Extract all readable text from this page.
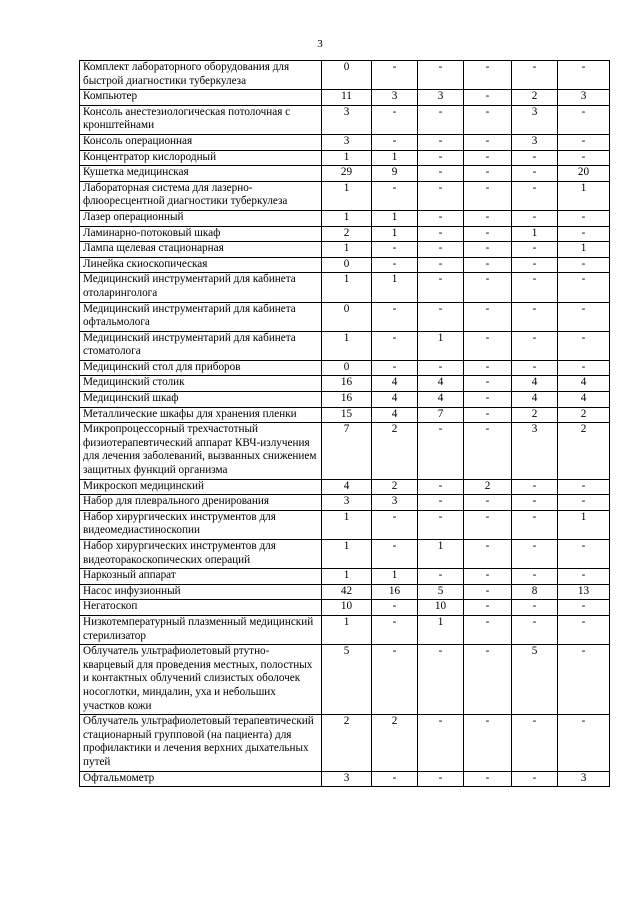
3
Комплект лабораторного оборудования для быстрой диагностики туберкулеза	0	-	-	-	-	-
Компьютер	11	3	3	-	2	3
Консоль анестезиологическая потолочная с кронштейнами	3	-	-	-	3	-
Консоль операционная	3	-	-	-	3	-
Концентратор кислородный	1	1	-	-	-	-
Кушетка медицинская	29	9	-	-	-	20
Лабораторная система для лазерно-флюоресцентной диагностики туберкулеза	1	-	-	-	-	1
Лазер операционный	1	1	-	-	-	-
Ламинарно-потоковый шкаф	2	1	-	-	1	-
Лампа щелевая стационарная	1	-	-	-	-	1
Линейка скиоскопическая	0	-	-	-	-	-
Медицинский инструментарий для кабинета отоларинголога	1	1	-	-	-	-
Медицинский инструментарий для кабинета офтальмолога	0	-	-	-	-	-
Медицинский инструментарий для кабинета стоматолога	1	-	1	-	-	-
Медицинский стол для приборов	0	-	-	-	-	-
Медицинский столик	16	4	4	-	4	4
Медицинский шкаф	16	4	4	-	4	4
Металлические шкафы для хранения пленки	15	4	7	-	2	2
Микропроцессорный трехчастотный физиотерапевтический аппарат КВЧ-излучения для лечения заболеваний, вызванных снижением защитных функций организма	7	2	-	-	3	2
Микроскоп медицинский	4	2	-	2	-	-
Набор для плеврального дренирования	3	3	-	-	-	-
Набор хирургических инструментов для видеомедиастиноскопии	1	-	-	-	-	1
Набор хирургических инструментов для видеоторакоскопических операций	1	-	1	-	-	-
Наркозный аппарат	1	1	-	-	-	-
Насос инфузионный	42	16	5	-	8	13
Негатоскоп	10	-	10	-	-	-
Низкотемпературный плазменный медицинский стерилизатор	1	-	1	-	-	-
Облучатель ультрафиолетовый ртутно-кварцевый для проведения местных, полостных и контактных облучений слизистых оболочек носоглотки, миндалин, уха и небольших участков кожи	5	-	-	-	5	-
Облучатель ультрафиолетовый терапевтический стационарный групповой (на пациента) для профилактики и лечения верхних дыхательных путей	2	2	-	-	-	-
Офтальмометр	3	-	-	-	-	3
